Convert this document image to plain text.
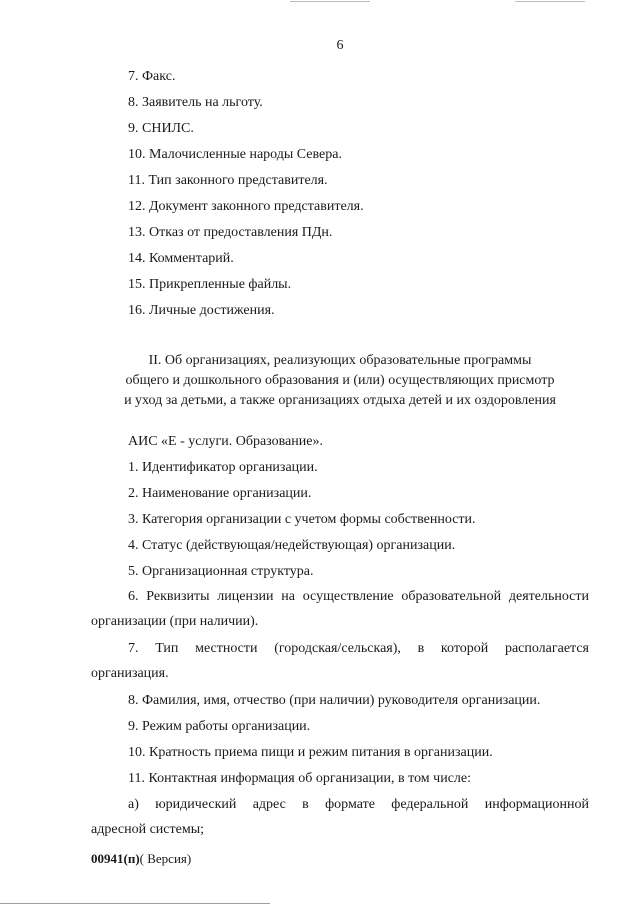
6
7. Факс.
8. Заявитель на льготу.
9. СНИЛС.
10. Малочисленные народы Севера.
11. Тип законного представителя.
12. Документ законного представителя.
13. Отказ от предоставления ПДн.
14. Комментарий.
15. Прикрепленные файлы.
16. Личные достижения.
II. Об организациях, реализующих образовательные программы
общего и дошкольного образования и (или) осуществляющих присмотр
и уход за детьми, а также организациях отдыха детей и их оздоровления
АИС «Е - услуги. Образование».
1. Идентификатор организации.
2. Наименование организации.
3. Категория организации с учетом формы собственности.
4. Статус (действующая/недействующая) организации.
5. Организационная структура.
6. Реквизиты лицензии на осуществление образовательной деятельности
организации (при наличии).
7. Тип местности (городская/сельская), в которой располагается
организация.
8. Фамилия, имя, отчество (при наличии) руководителя организации.
9. Режим работы организации.
10. Кратность приема пищи и режим питания в организации.
11. Контактная информация об организации, в том числе:
а) юридический адрес в формате федеральной информационной
адресной системы;
00941(п)( Версия)
